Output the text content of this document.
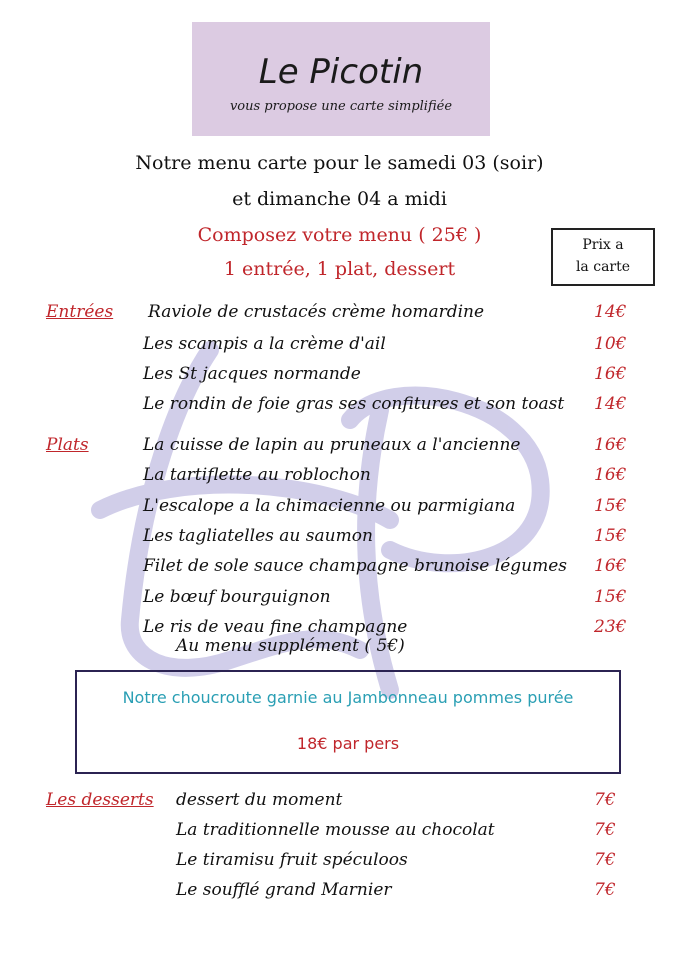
Le Picotin
vous propose une carte simplifiée
Notre menu carte pour le samedi 03 (soir)
et dimanche 04 a midi
Composez votre menu ( 25€ )
1 entrée, 1 plat, dessert
Prix a
la carte
Entrées Raviole de crustacés crème homardine	14€
Les scampis a la crème d'ail	10€
Les St jacques normande	16€
Le rondin de foie gras ses confitures et son toast 14€
Plats	La cuisse de lapin au pruneaux a l'ancienne	16€
La tartiflette au roblochon	16€
L'escalope a la chimacienne ou parmigiana	15€
Les tagliatelles au saumon	15€
Filet de sole sauce champagne brunoise légumes 16€
Le bœuf bourguignon	15€
Le ris de veau fine champagne	23€
Au menu supplément ( 5€)
Notre choucroute garnie au Jambonneau pommes purée
18€ par pers
Les desserts dessert du moment	7€
La traditionnelle mousse au chocolat	7€
Le tiramisu fruit spéculoos	7€
Le soufflé grand Marnier	7€
